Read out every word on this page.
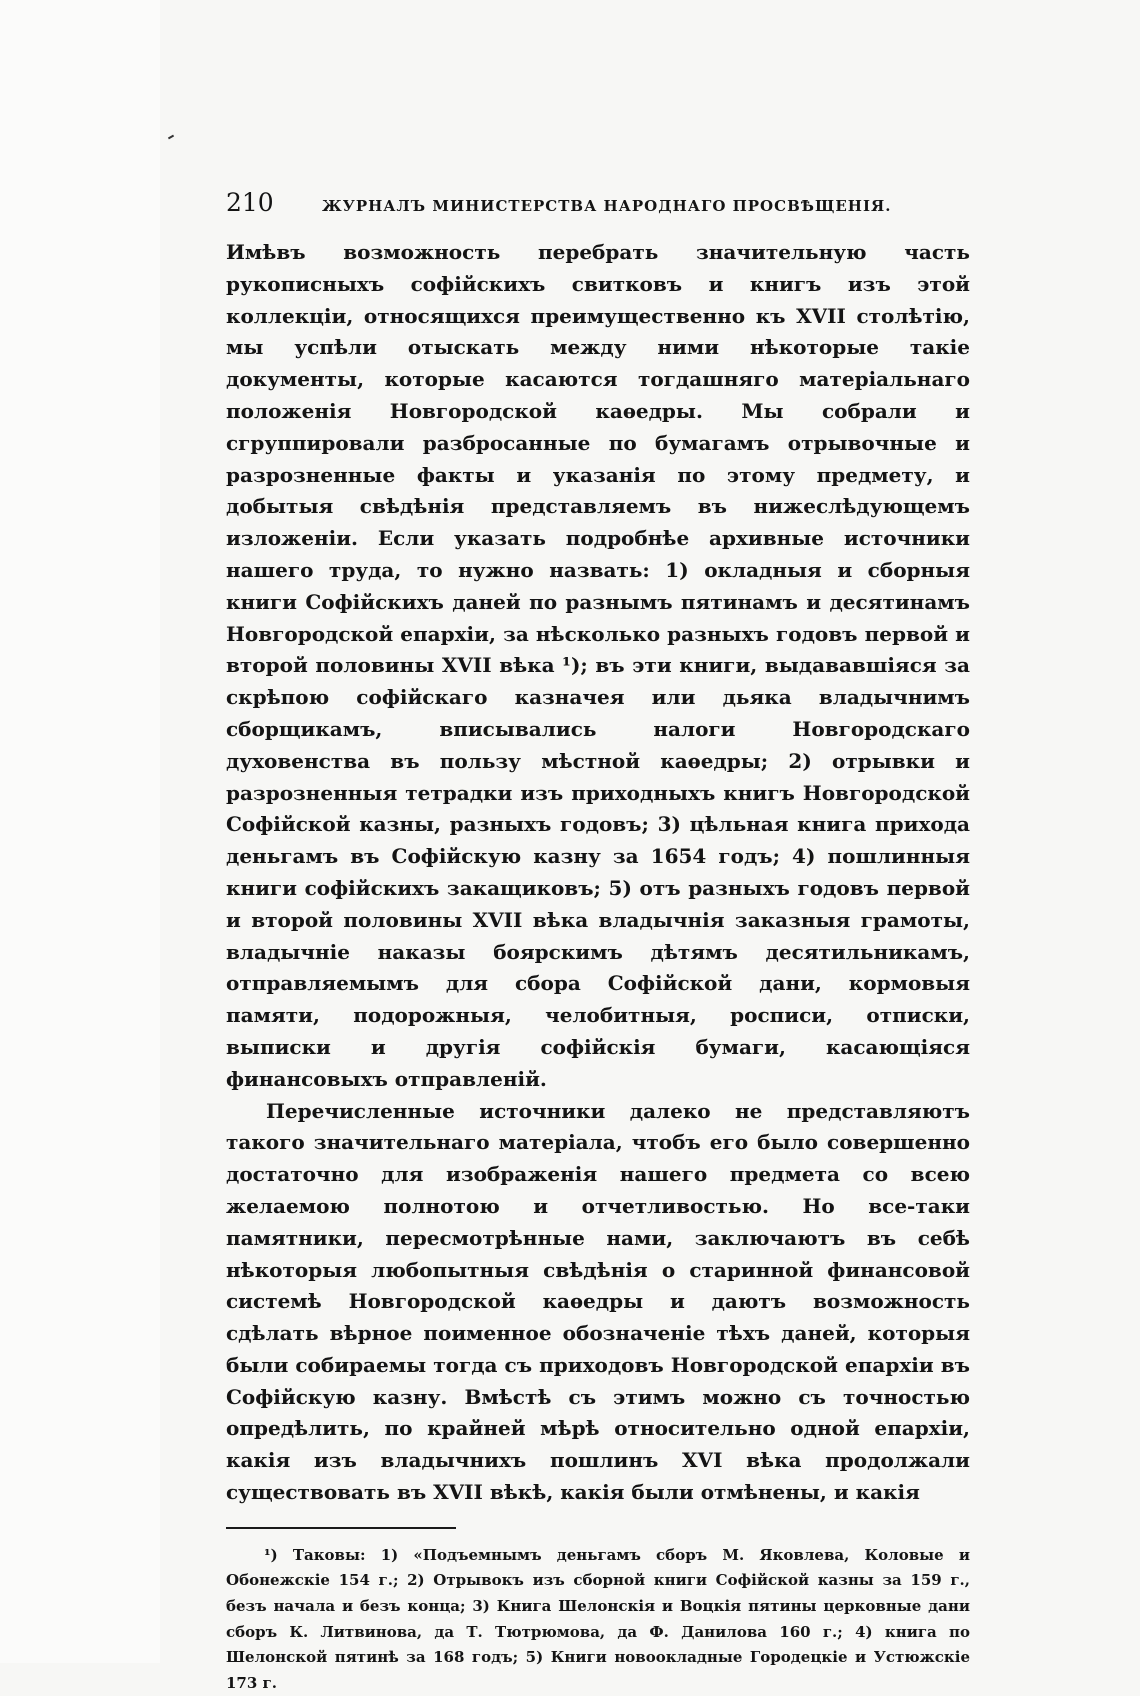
210	ЖУРНАЛЪ МИНИСТЕРСТВА НАРОДНАГО ПРОСВѢЩЕНІЯ.

Имѣвъ возможность перебрать значительную часть рукописныхъ софійскихъ свитковъ и книгъ изъ этой коллекціи, относящихся преимущественно къ XVII столѣтію, мы успѣли отыскать между ними нѣкоторые такіе документы, которые касаются тогдашняго матеріальнаго положенія Новгородской каѳедры. Мы собрали и сгруппировали разбросанные по бумагамъ отрывочные и разрозненные факты и указанія по этому предмету, и добытыя свѣдѣнія представляемъ въ нижеслѣдующемъ изложеніи. Если указать подробнѣе архивные источники нашего труда, то нужно назвать: 1) окладныя и сборныя книги Софійскихъ даней по разнымъ пятинамъ и десятинамъ Новгородской епархіи, за нѣсколько разныхъ годовъ первой и второй половины XVII вѣка ¹); въ эти книги, выдававшіяся за скрѣпою софійскаго казначея или дьяка владычнимъ сборщикамъ, вписывались налоги Новгородскаго духовенства въ пользу мѣстной каѳедры; 2) отрывки и разрозненныя тетрадки изъ приходныхъ книгъ Новгородской Софійской казны, разныхъ годовъ; 3) цѣльная книга прихода деньгамъ въ Софійскую казну за 1654 годъ; 4) пошлинныя книги софійскихъ закащиковъ; 5) отъ разныхъ годовъ первой и второй половины XVII вѣка владычнія заказныя грамоты, владычніе наказы боярскимъ дѣтямъ десятильникамъ, отправляемымъ для сбора Софійской дани, кормовыя памяти, подорожныя, челобитныя, росписи, отписки, выписки и другія софійскія бумаги, касающіяся финансовыхъ отправленій.

Перечисленные источники далеко не представляютъ такого значительнаго матеріала, чтобъ его было совершенно достаточно для изображенія нашего предмета со всею желаемою полнотою и отчетливостью. Но все-таки памятники, пересмотрѣнные нами, заключаютъ въ себѣ нѣкоторыя любопытныя свѣдѣнія о старинной финансовой системѣ Новгородской каѳедры и даютъ возможность сдѣлать вѣрное поименное обозначеніе тѣхъ даней, которыя были собираемы тогда съ приходовъ Новгородской епархіи въ Софійскую казну. Вмѣстѣ съ этимъ можно съ точностью опредѣлить, по крайней мѣрѣ относительно одной епархіи, какія изъ владычнихъ пошлинъ XVI вѣка продолжали существовать въ XVII вѣкѣ, какія были отмѣнены, и какія

¹) Таковы: 1) «Подъемнымъ деньгамъ сборъ М. Яковлева, Коловые и Обонежскіе 154 г.; 2) Отрывокъ изъ сборной книги Софійской казны за 159 г., безъ начала и безъ конца; 3) Книга Шелонскія и Воцкія пятины церковные дани сборъ К. Литвинова, да Т. Тютрюмова, да Ф. Данилова 160 г.; 4) книга по Шелонской пятинѣ за 168 годъ; 5) Книги новоокладные Городецкіе и Устюжскіе 173 г.
